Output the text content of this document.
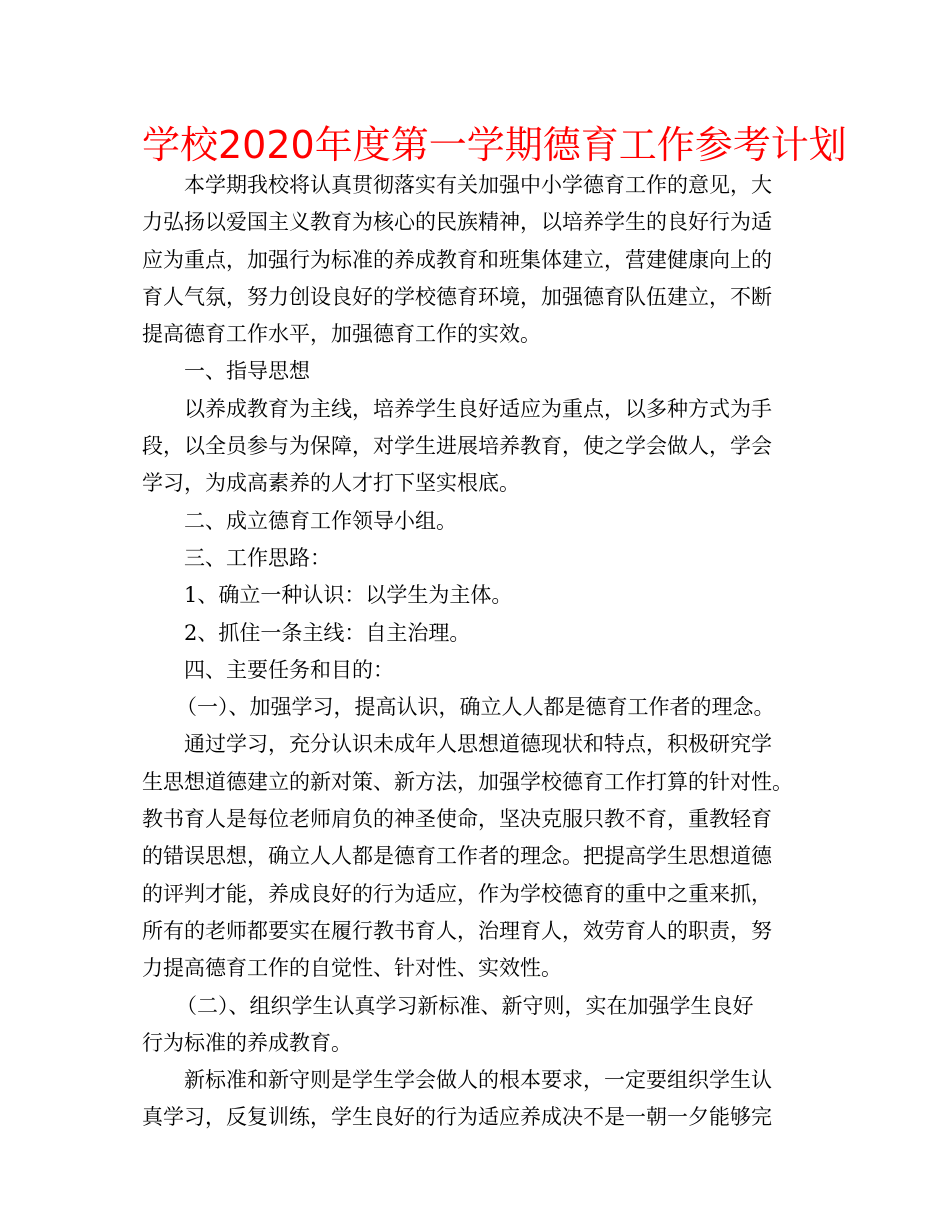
学校2020年度第一学期德育工作参考计划
本学期我校将认真贯彻落实有关加强中小学德育工作的意见，大
力弘扬以爱国主义教育为核心的民族精神，以培养学生的良好行为适
应为重点，加强行为标准的养成教育和班集体建立，营建健康向上的
育人气氛，努力创设良好的学校德育环境，加强德育队伍建立，不断
提高德育工作水平，加强德育工作的实效。
一、指导思想
以养成教育为主线，培养学生良好适应为重点，以多种方式为手
段，以全员参与为保障，对学生进展培养教育，使之学会做人，学会
学习，为成高素养的人才打下坚实根底。
二、成立德育工作领导小组。
三、工作思路：
1、确立一种认识：以学生为主体。
2、抓住一条主线：自主治理。
四、主要任务和目的：
（一）、加强学习，提高认识，确立人人都是德育工作者的理念。
通过学习，充分认识未成年人思想道德现状和特点，积极研究学
生思想道德建立的新对策、新方法，加强学校德育工作打算的针对性。
教书育人是每位老师肩负的神圣使命，坚决克服只教不育，重教轻育
的错误思想，确立人人都是德育工作者的理念。把提高学生思想道德
的评判才能，养成良好的行为适应，作为学校德育的重中之重来抓，
所有的老师都要实在履行教书育人，治理育人，效劳育人的职责，努
力提高德育工作的自觉性、针对性、实效性。
（二）、组织学生认真学习新标准、新守则，实在加强学生良好
行为标准的养成教育。
新标准和新守则是学生学会做人的根本要求，一定要组织学生认
真学习，反复训练，学生良好的行为适应养成决不是一朝一夕能够完
